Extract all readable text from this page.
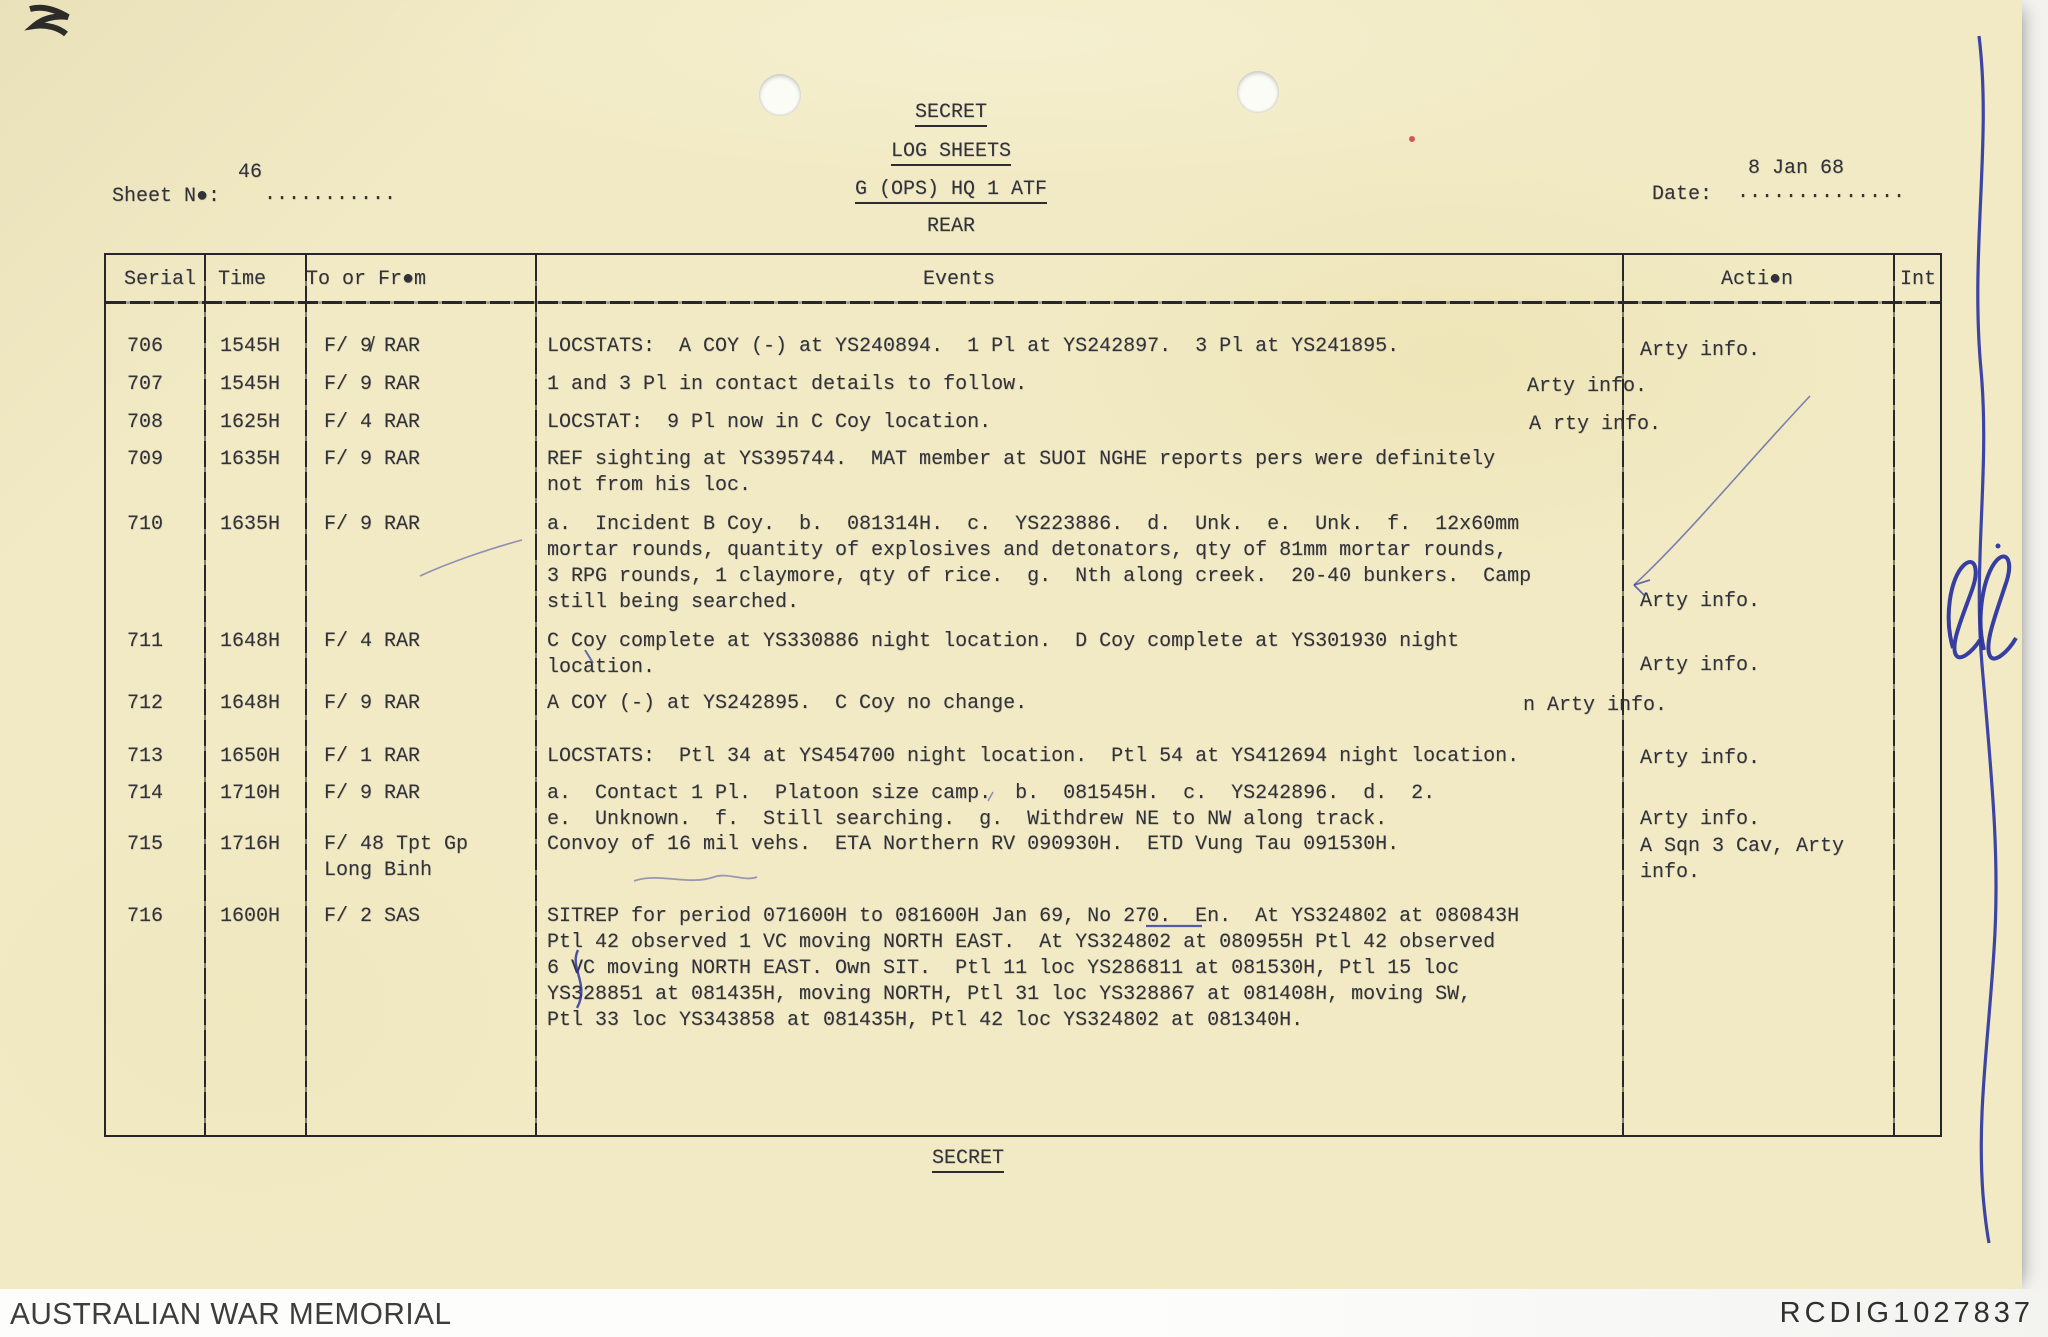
SECRET
LOG SHEETS
G (OPS) HQ 1 ATF
REAR
46
Sheet N●: ...........
8 Jan 68
Date: ..............
Serial Time To or Fr●m	Events	Acti●n	Int
706	1545H F/ 9̸ RAR	LOCSTATS:  A COY (-) at YS240894.  1 Pl at YS242897.  3 Pl at YS241895.	Arty info.
707	1545H F/ 9 RAR	1 and 3 Pl in contact details to follow.	Arty info.
708	1625H F/ 4 RAR	LOCSTAT:  9 Pl now in C Coy location.	A rty info.
709	1635H F/ 9 RAR	REF sighting at YS395744.  MAT member at SUOI NGHE reports pers were definitely
not from his loc.
710	1635H F/ 9 RAR	a.  Incident B Coy.  b.  081314H.  c.  YS223886.  d.  Unk.  e.  Unk.  f.  12x60mm
mortar rounds, quantity of explosives and detonators, qty of 81mm mortar rounds,
3 RPG rounds, 1 claymore, qty of rice.  g.  Nth along creek.  20-40 bunkers.  Camp
still being searched.	Arty info.
711	1648H F/ 4 RAR	C Coy complete at YS330886 night location.  D Coy complete at YS301930 night
location.	Arty info.
712	1648H F/ 9 RAR	A COY (-) at YS242895.  C Coy no change.	n Arty info.
713	1650H F/ 1 RAR	LOCSTATS:  Ptl 34 at YS454700 night location.  Ptl 54 at YS412694 night location.	Arty info.
714	1710H F/ 9 RAR	a.  Contact 1 Pl.  Platoon size camp.  b.  081545H.  c.  YS242896.  d.  2.
e.  Unknown.  f.  Still searching.  g.  Withdrew NE to NW along track.	Arty info.
715	1716H F/ 48 Tpt Gp
Long Binh
Convoy of 16 mil vehs.  ETA Northern RV 090930H.  ETD Vung Tau 091530H.	A Sqn 3 Cav, Arty
info.
716	1600H F/ 2 SAS	SITREP for period 071600H to 081600H Jan 69, No 270.  En.  At YS324802 at 080843H
Ptl 42 observed 1 VC moving NORTH EAST.  At YS324802 at 080955H Ptl 42 observed
6 VC moving NORTH EAST. Own SIT.  Ptl 11 loc YS286811 at 081530H, Ptl 15 loc
YS328851 at 081435H, moving NORTH, Ptl 31 loc YS328867 at 081408H, moving SW,
Ptl 33 loc YS343858 at 081435H, Ptl 42 loc YS324802 at 081340H.
SECRET
AUSTRALIAN WAR MEMORIAL	RCDIG1027837
